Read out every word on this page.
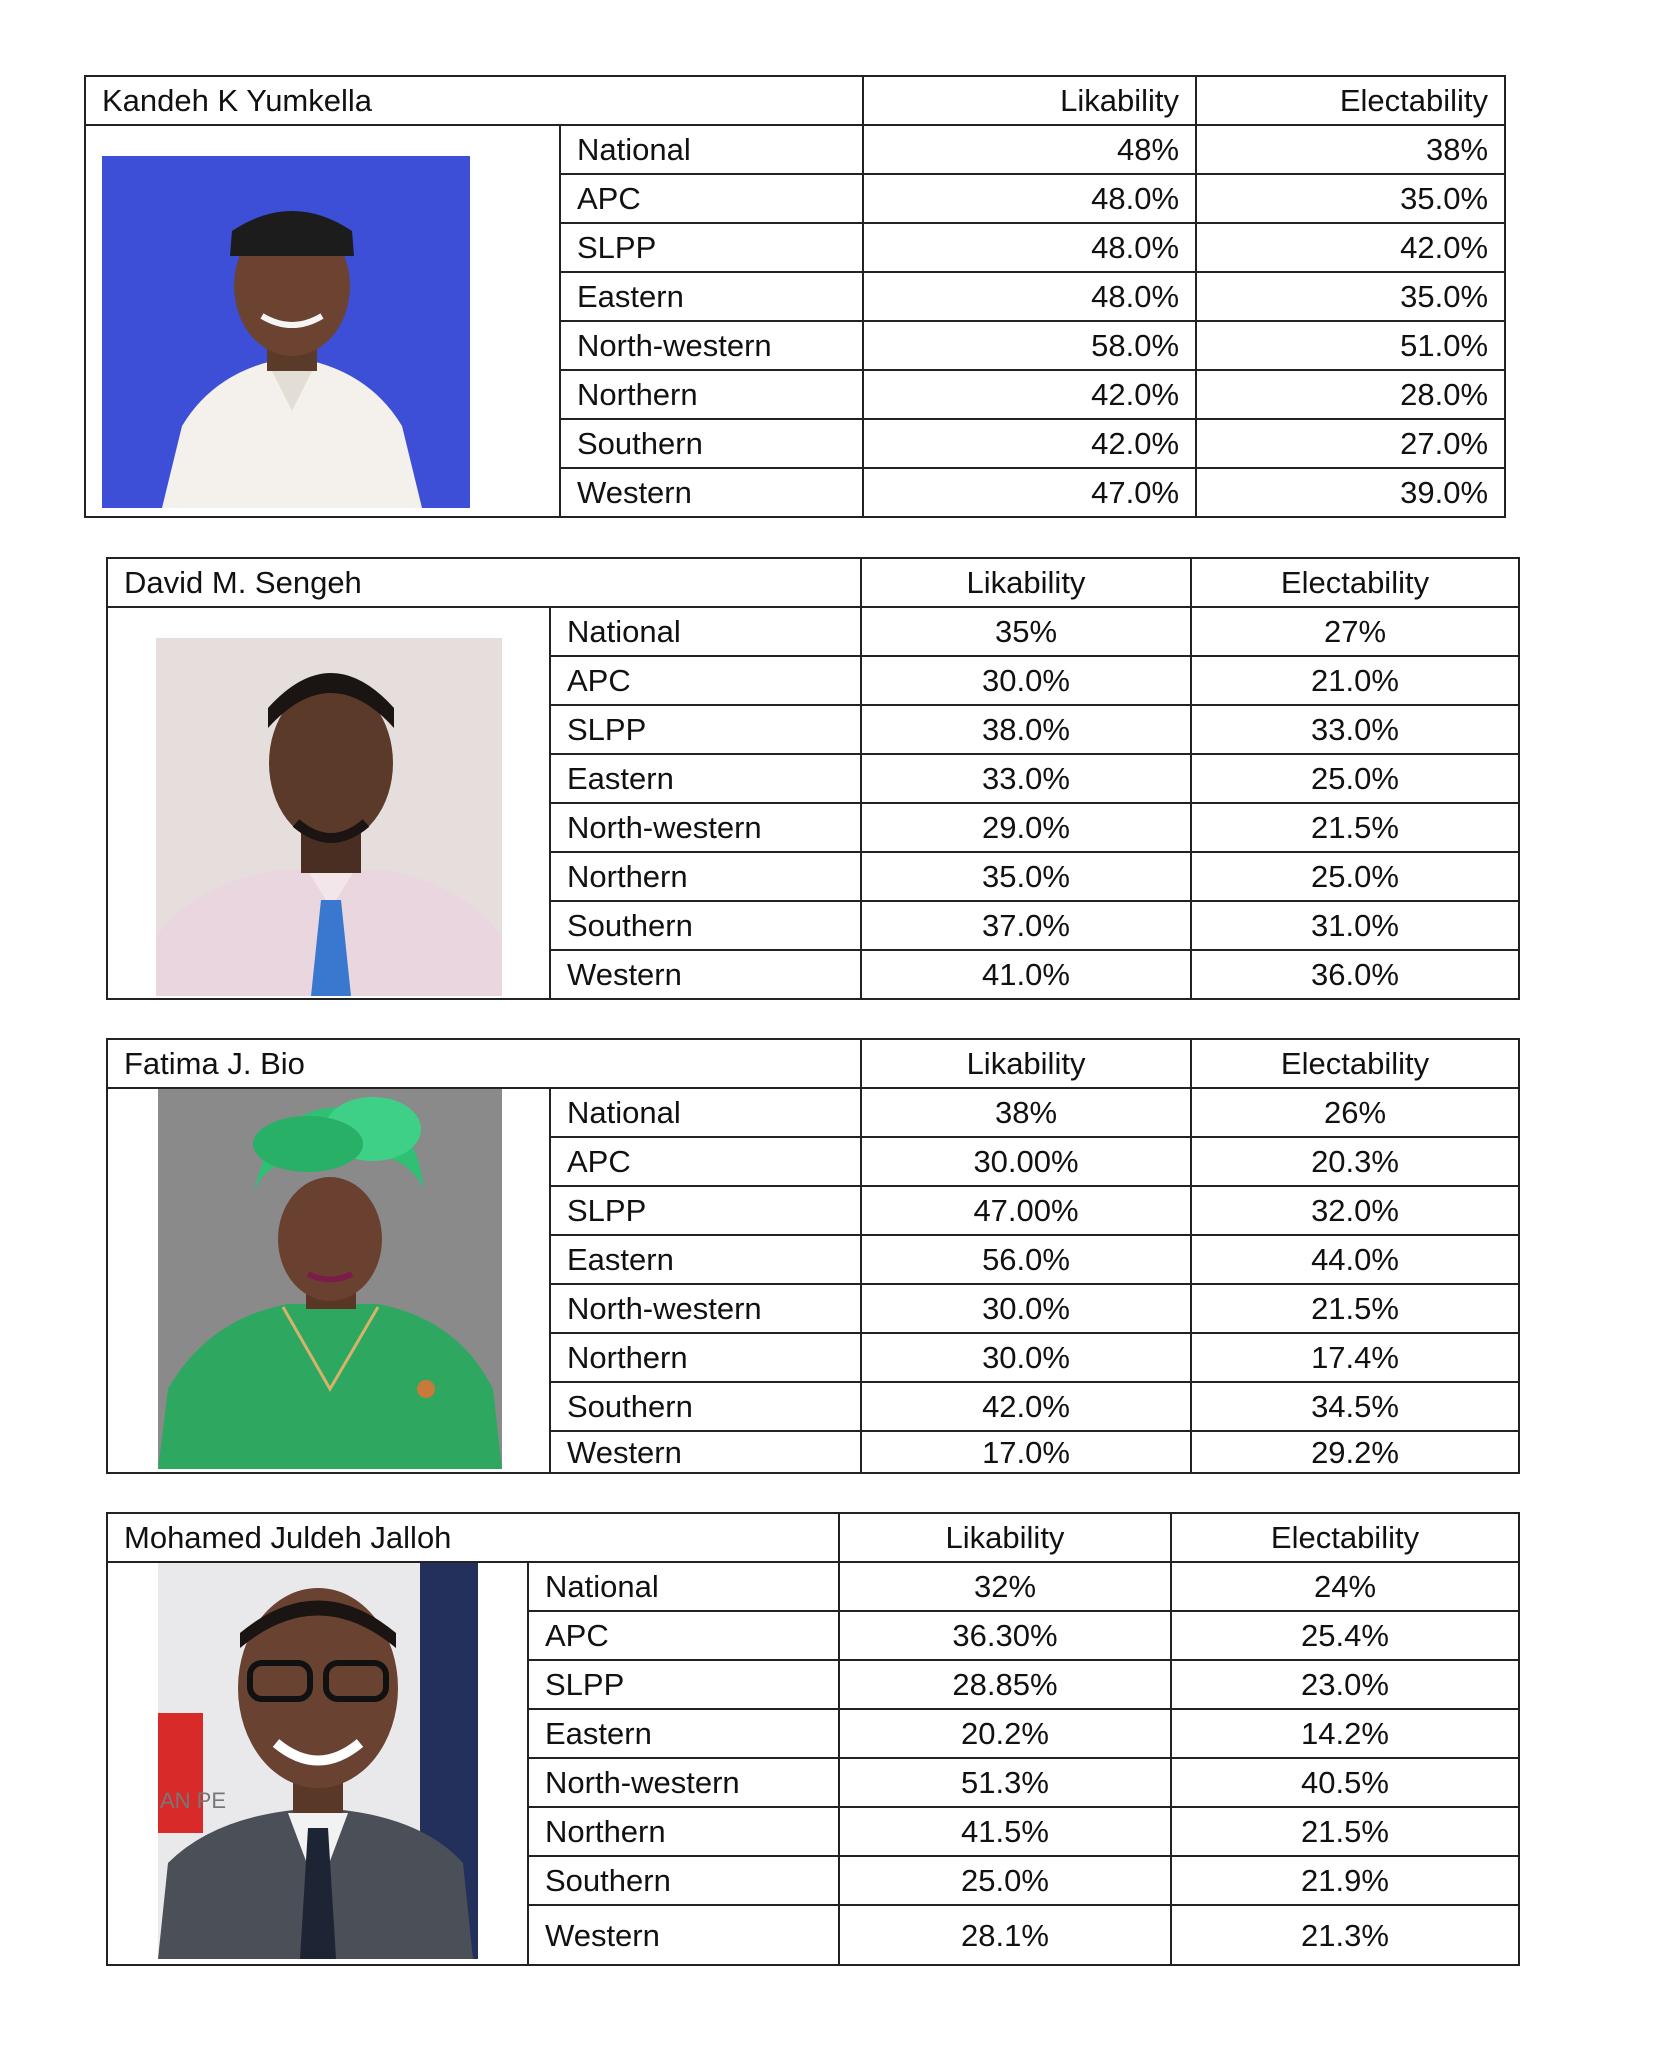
Kandeh K Yumkella		Likability	Electability

	National	48%	38%
	APC	48.0%	35.0%
	SLPP	48.0%	42.0%
	Eastern	48.0%	35.0%
	North-western	58.0%	51.0%
	Northern	42.0%	28.0%
	Southern	42.0%	27.0%
	Western	47.0%	39.0%
David M. Sengeh		Likability	Electability

	National	35%	27%
	APC	30.0%	21.0%
	SLPP	38.0%	33.0%
	Eastern	33.0%	25.0%
	North-western	29.0%	21.5%
	Northern	35.0%	25.0%
	Southern	37.0%	31.0%
	Western	41.0%	36.0%
Fatima J. Bio		Likability	Electability

	National	38%	26%
	APC	30.00%	20.3%
	SLPP	47.00%	32.0%
	Eastern	56.0%	44.0%
	North-western	30.0%	21.5%
	Northern	30.0%	17.4%
	Southern	42.0%	34.5%
	Western	17.0%	29.2%
Mohamed Juldeh Jalloh		Likability	Electability

AN PE	National	32%	24%
	APC	36.30%	25.4%
	SLPP	28.85%	23.0%
	Eastern	20.2%	14.2%
	North-western	51.3%	40.5%
	Northern	41.5%	21.5%
	Southern	25.0%	21.9%
	Western	28.1%	21.3%
